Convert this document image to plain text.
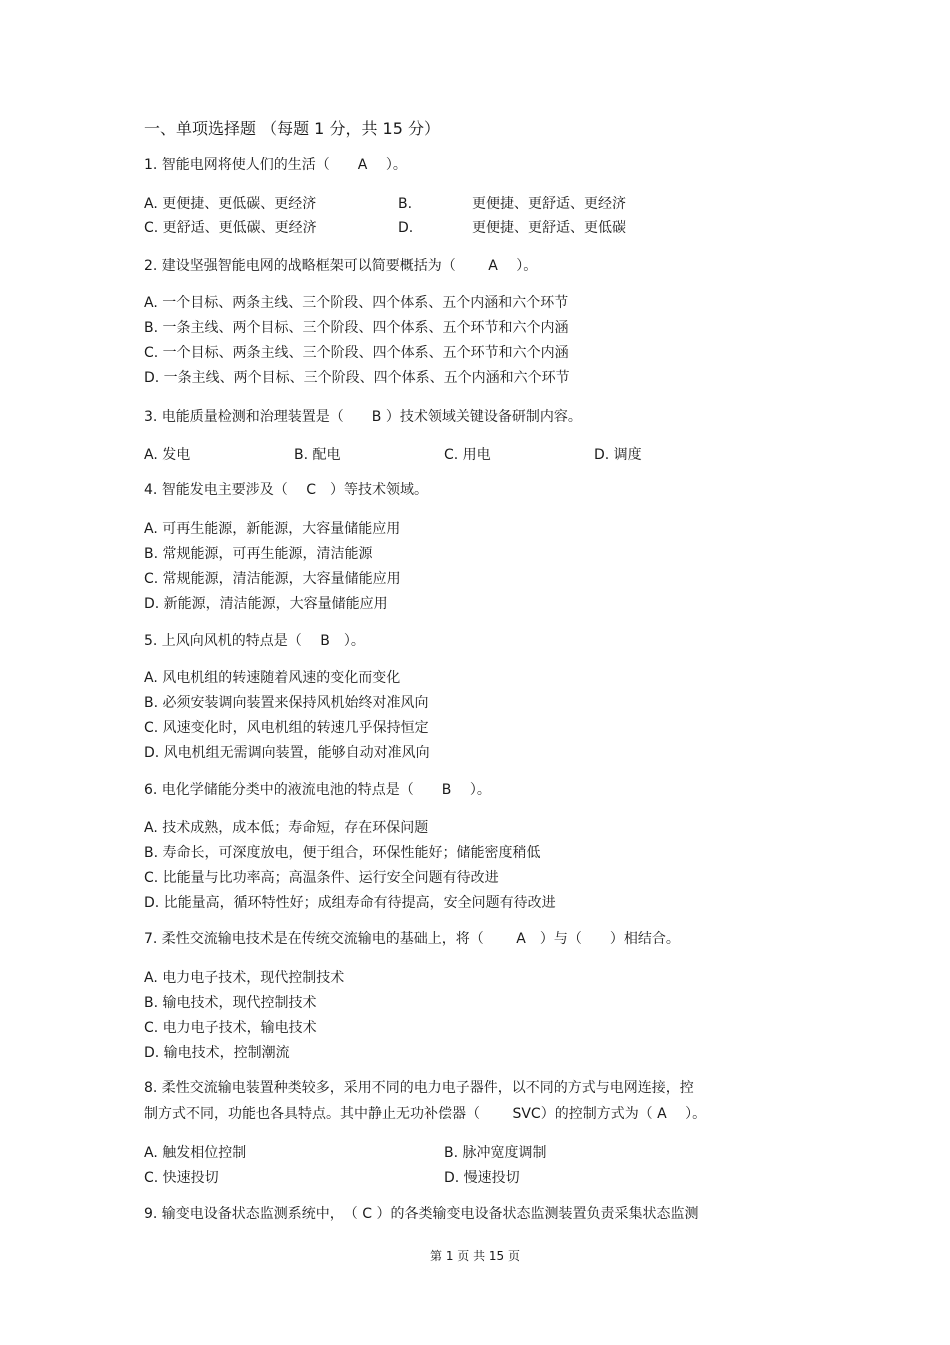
一、单项选择题 （每题 1 分，共 15 分）
1. 智能电网将使人们的生活（　　A　 ）。
A. 更便捷、更低碳、更经济	B.	更便捷、更舒适、更经济
C. 更舒适、更低碳、更经济	D.	更便捷、更舒适、更低碳
2. 建设坚强智能电网的战略框架可以简要概括为（　　 A　 ）。
A. 一个目标、两条主线、三个阶段、四个体系、五个内涵和六个环节
B. 一条主线、两个目标、三个阶段、四个体系、五个环节和六个内涵
C. 一个目标、两条主线、三个阶段、四个体系、五个环节和六个内涵
D. 一条主线、两个目标、三个阶段、四个体系、五个内涵和六个环节
3. 电能质量检测和治理装置是（　　B ）技术领域关键设备研制内容。
A. 发电	B. 配电	C. 用电	D. 调度
4. 智能发电主要涉及（　 C　）等技术领域。
A. 可再生能源，新能源，大容量储能应用
B. 常规能源，可再生能源，清洁能源
C. 常规能源，清洁能源，大容量储能应用
D. 新能源，清洁能源，大容量储能应用
5. 上风向风机的特点是（　 B　）。
A. 风电机组的转速随着风速的变化而变化
B. 必须安装调向装置来保持风机始终对准风向
C. 风速变化时，风电机组的转速几乎保持恒定
D. 风电机组无需调向装置，能够自动对准风向
6. 电化学储能分类中的液流电池的特点是（　　B　 ）。
A. 技术成熟，成本低；寿命短，存在环保问题
B. 寿命长，可深度放电，便于组合，环保性能好；储能密度稍低
C. 比能量与比功率高；高温条件、运行安全问题有待改进
D. 比能量高，循环特性好；成组寿命有待提高，安全问题有待改进
7. 柔性交流输电技术是在传统交流输电的基础上，将（　　 A　）与（　　）相结合。
A. 电力电子技术，现代控制技术
B. 输电技术，现代控制技术
C. 电力电子技术，输电技术
D. 输电技术，控制潮流
8. 柔性交流输电装置种类较多，采用不同的电力电子器件，以不同的方式与电网连接，控
制方式不同，功能也各具特点。其中静止无功补偿器（　　 SVC）的控制方式为（ A　 ）。
A. 触发相位控制	B. 脉冲宽度调制
C. 快速投切	D. 慢速投切
9. 输变电设备状态监测系统中，　（ C ）的各类输变电设备状态监测装置负责采集状态监测
第 1 页 共 15 页
